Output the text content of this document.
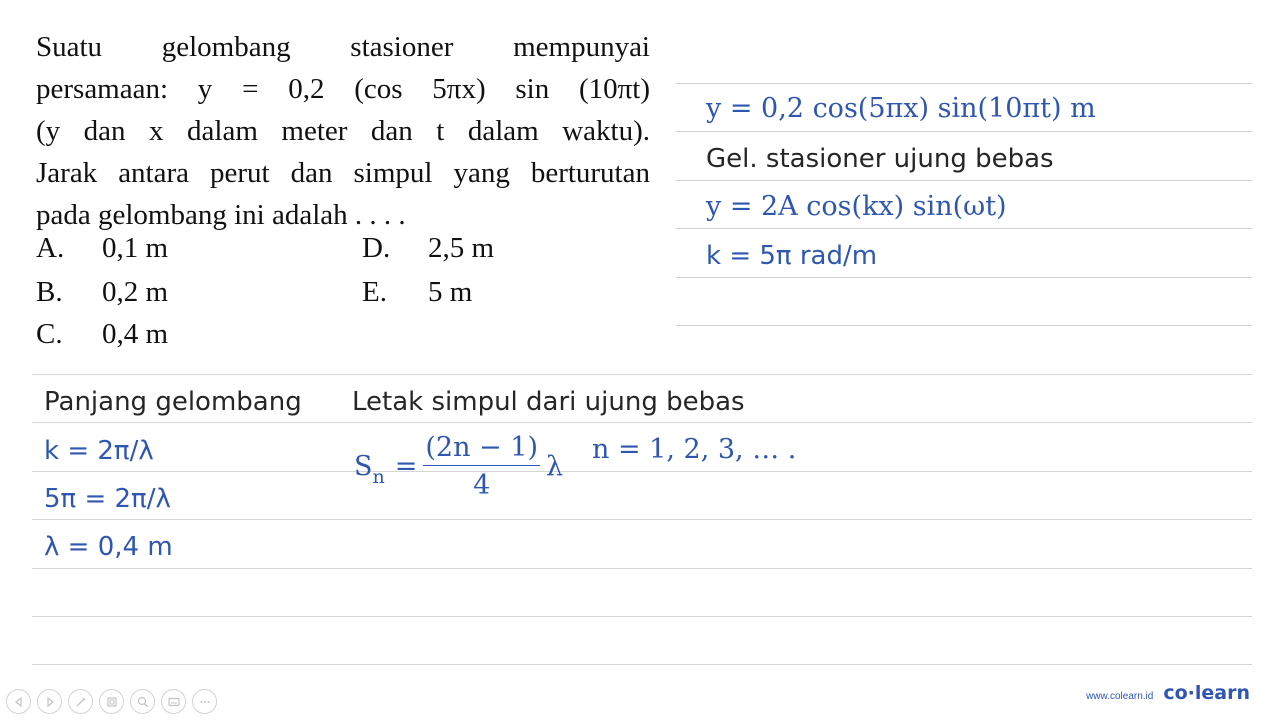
Suatu gelombang stasioner mempunyai
persamaan: y = 0,2 (cos 5πx) sin (10πt)
(y dan x dalam meter dan t dalam waktu).
Jarak antara perut dan simpul yang berturutan
pada gelombang ini adalah . . . .
A. 0,1 m
B. 0,2 m
C. 0,4 m
D. 2,5 m
E. 5 m
y = 0,2 cos(5πx) sin(10πt) m
Gel. stasioner ujung bebas
y = 2A cos(kx) sin(ωt)
k = 5π rad/m
Panjang gelombang
k = 2π/λ
5π = 2π/λ
λ = 0,4 m
Letak simpul dari ujung bebas
$S_n = \frac{(2n - 1)}{4}$ λ
n = 1, 2, 3, … .
www.colearn.id co·learn
